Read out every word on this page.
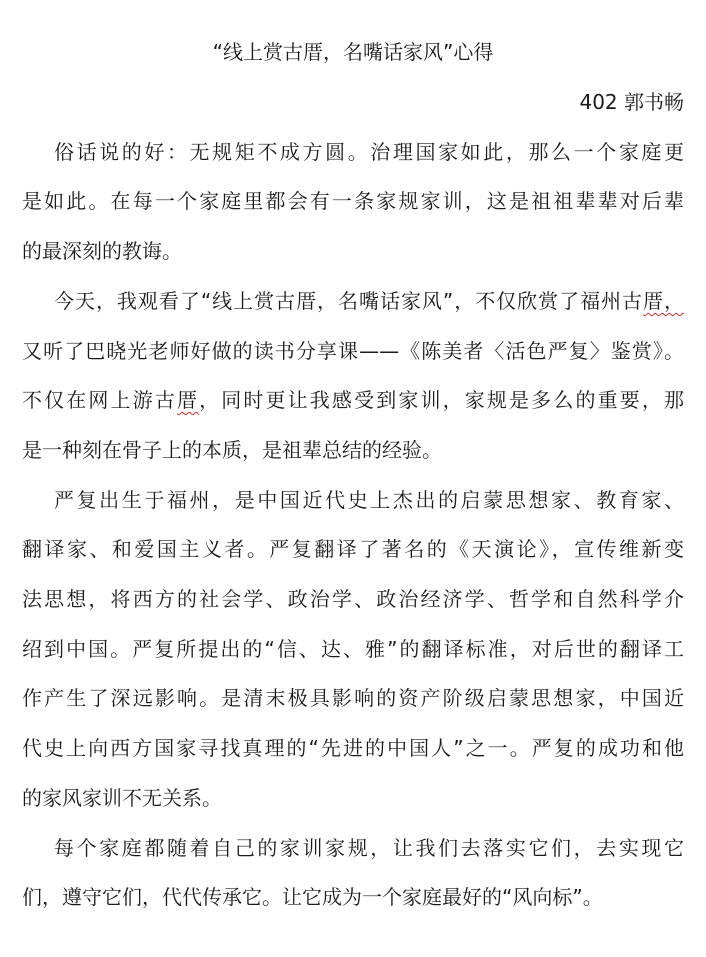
“线上赏古厝，名嘴话家风”心得
402 郭书畅
俗话说的好：无规矩不成方圆。治理国家如此，那么一个家庭更
是如此。在每一个家庭里都会有一条家规家训，这是祖祖辈辈对后辈
的最深刻的教诲。
今天，我观看了“线上赏古厝，名嘴话家风”，不仅欣赏了福州古厝，
又听了巴晓光老师好做的读书分享课——《陈美者〈活色严复〉鉴赏》。
不仅在网上游古厝，同时更让我感受到家训，家规是多么的重要，那
是一种刻在骨子上的本质，是祖辈总结的经验。
严复出生于福州，是中国近代史上杰出的启蒙思想家、教育家、
翻译家、和爱国主义者。严复翻译了著名的《天演论》，宣传维新变
法思想，将西方的社会学、政治学、政治经济学、哲学和自然科学介
绍到中国。严复所提出的“信、达、雅”的翻译标准，对后世的翻译工
作产生了深远影响。是清末极具影响的资产阶级启蒙思想家，中国近
代史上向西方国家寻找真理的“先进的中国人”之一。严复的成功和他
的家风家训不无关系。
每个家庭都随着自己的家训家规，让我们去落实它们，去实现它
们，遵守它们，代代传承它。让它成为一个家庭最好的“风向标”。
